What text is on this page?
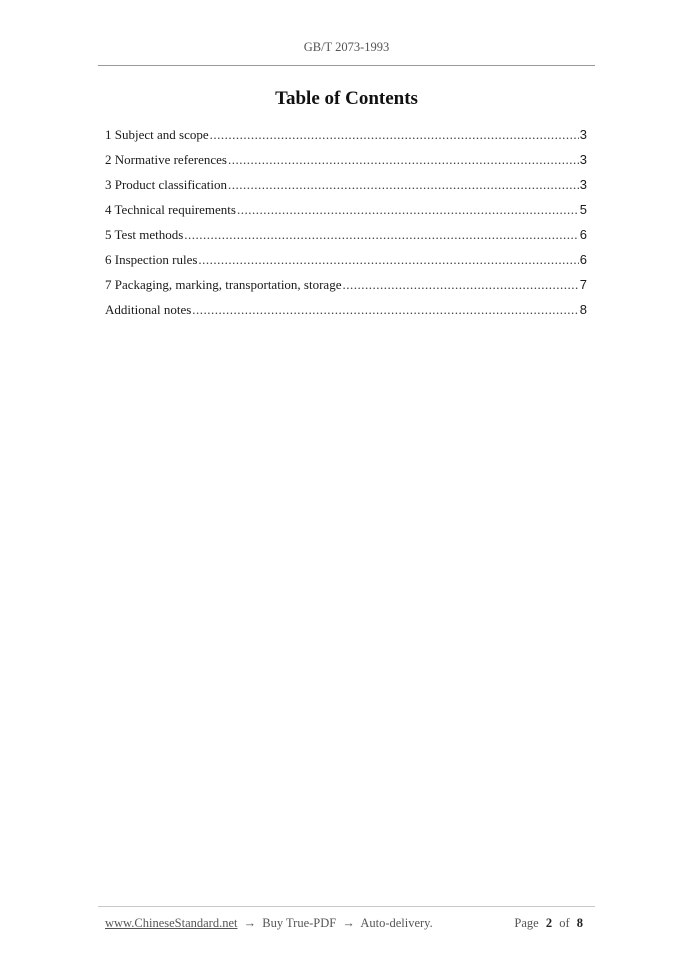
GB/T 2073-1993
Table of Contents
1 Subject and scope .....	3
2 Normative references .....	3
3 Product classification .....	3
4 Technical requirements .....	5
5 Test methods .....	6
6 Inspection rules .....	6
7 Packaging, marking, transportation, storage .....	7
Additional notes .....	8
www.ChineseStandard.net → Buy True-PDF → Auto-delivery.	Page 2 of 8
